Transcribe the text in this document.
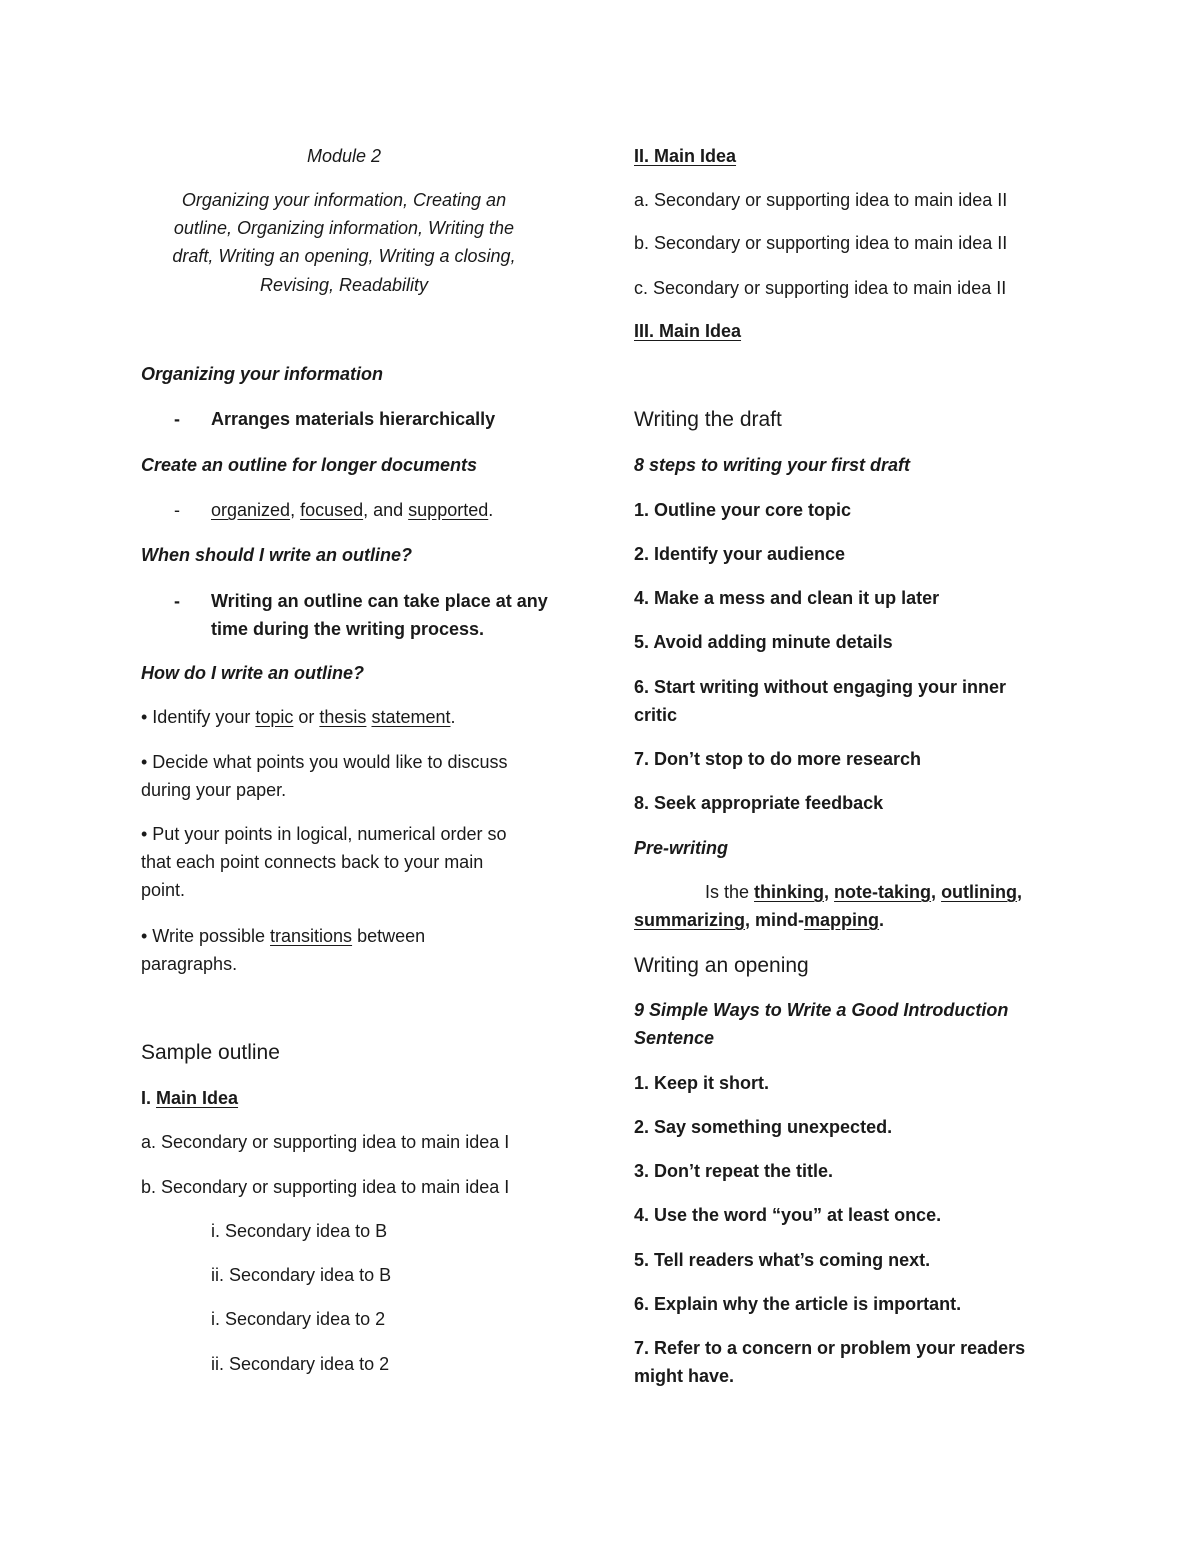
Module 2
Organizing your information, Creating an
outline, Organizing information, Writing the
draft, Writing an opening, Writing a closing,
Revising, Readability
Organizing your information
- Arranges materials hierarchically
Create an outline for longer documents
- organized, focused, and supported.
When should I write an outline?
- Writing an outline can take place at any
time during the writing process.
How do I write an outline?
• Identify your topic or thesis statement.
• Decide what points you would like to discuss
during your paper.
• Put your points in logical, numerical order so
that each point connects back to your main
point.
• Write possible transitions between
paragraphs.
Sample outline
I. Main Idea
a. Secondary or supporting idea to main idea I
b. Secondary or supporting idea to main idea I
i. Secondary idea to B
ii. Secondary idea to B
i. Secondary idea to 2
ii. Secondary idea to 2
II. Main Idea
a. Secondary or supporting idea to main idea II
b. Secondary or supporting idea to main idea II
c. Secondary or supporting idea to main idea II
III. Main Idea
Writing the draft
8 steps to writing your first draft
1. Outline your core topic
2. Identify your audience
4. Make a mess and clean it up later
5. Avoid adding minute details
6. Start writing without engaging your inner
critic
7. Don’t stop to do more research
8. Seek appropriate feedback
Pre-writing
Is the thinking, note-taking, outlining,
summarizing, mind-mapping.
Writing an opening
9 Simple Ways to Write a Good Introduction
Sentence
1. Keep it short.
2. Say something unexpected.
3. Don’t repeat the title.
4. Use the word “you” at least once.
5. Tell readers what’s coming next.
6. Explain why the article is important.
7. Refer to a concern or problem your readers
might have.
